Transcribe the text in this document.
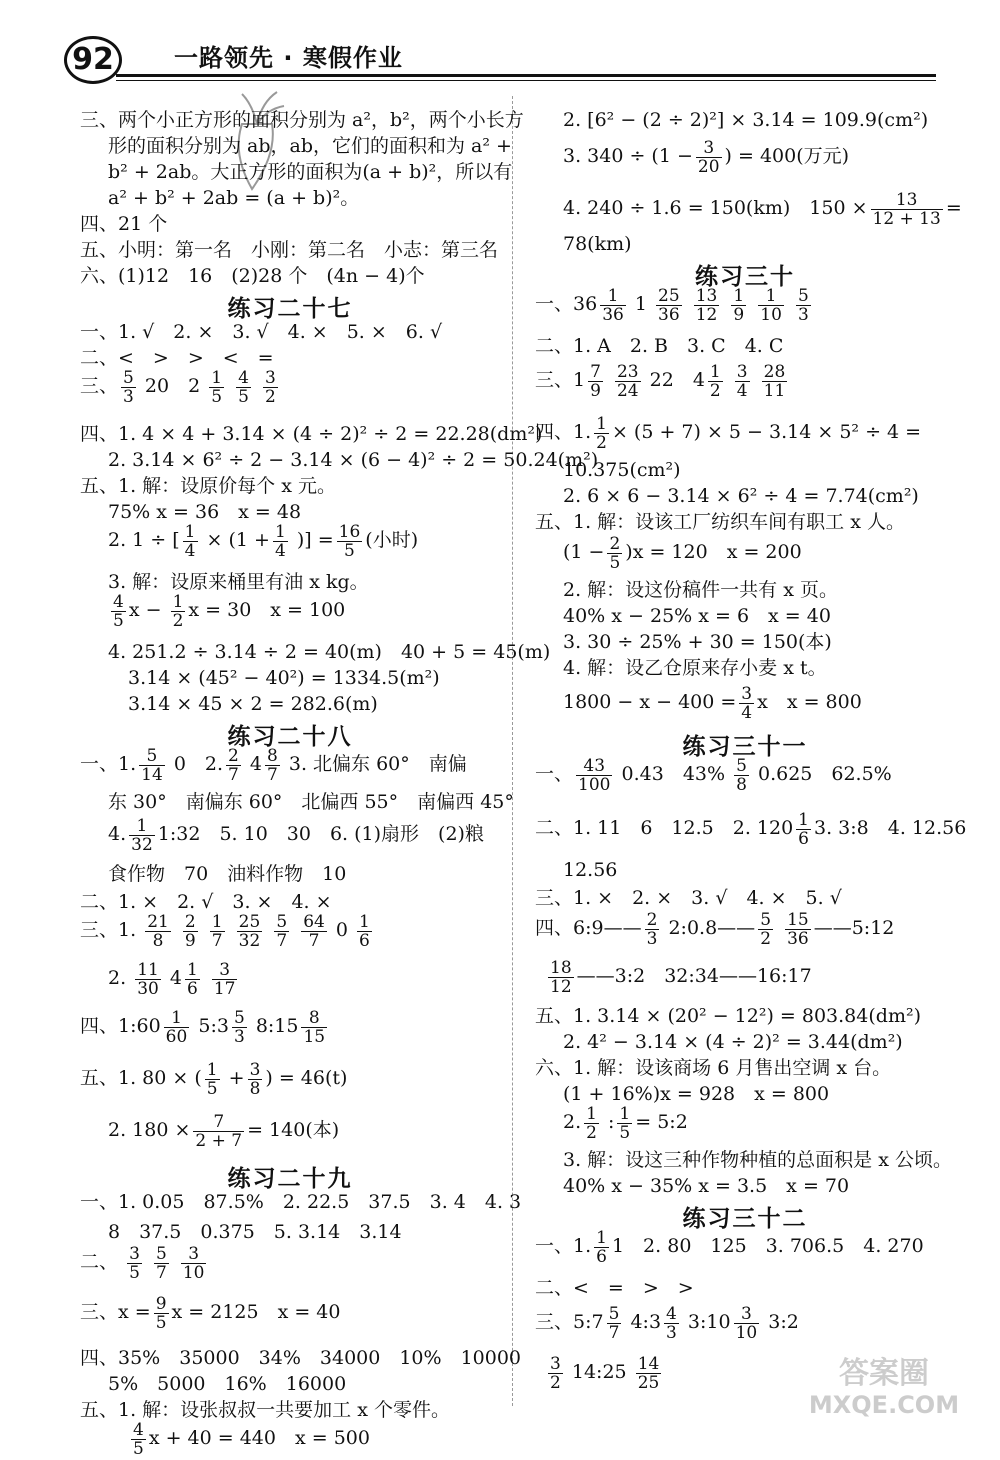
92	一路领先 · 寒假作业
三、两个小正方形的面积分别为 a²，b²，两个小长方
形的面积分别为 ab，ab，它们的面积和为 a² +
b² + 2ab。大正方形的面积为(a + b)²，所以有
a² + b² + 2ab = (a + b)²。
四、21 个
五、小明：第一名　小刚：第二名　小志：第三名
六、(1)12　16　(2)28 个　(4n − 4)个
练习二十七
一、1. √　2. ×　3. √　4. ×　5. ×　6. √
二、<　>　>　<　=
三、 $\frac{5}{3} 20$　$2 \frac{1}{5}$
$\frac{4}{5}$
$\frac{3}{2}$
四、1. 4 × 4 + 3.14 × (4 ÷ 2)² ÷ 2 = 22.28(dm²)
2. 3.14 × 6² ÷ 2 − 3.14 × (6 − 4)² ÷ 2 = 50.24(m²)
五、1. 解：设原价每个 x 元。
75% x = 36　x = 48
2. 1 ÷ [ $\frac{1}{4} \times (1 + \frac{1}{4}$ )] = $\frac{16}{5}$ (小时)
3. 解：设原来桶里有油 x kg。
$\frac{4}{5}$ $x - \frac{1}{2}$ x = 30　x = 100
4. 251.2 ÷ 3.14 ÷ 2 = 40(m)　40 + 5 = 45(m)
3.14 × (45² − 40²) = 1334.5(m²)
3.14 × 45 × 2 = 282.6(m)
练习二十八
一、1. $\frac{5}{14} 0$　2. $\frac{2}{7} 4 \frac{8}{7} 3$. 北偏东 60°　南偏
东 30°　南偏东 60°　北偏西 55°　南偏西 45°
4. $\frac{1}{32}$ 1:32　5. 10　30　6. (1)扇形　(2)粮
食作物　70　油料作物　10
二、1. ×　2. √　3. ×　4. ×
三、1. $\frac{21}{8}$
$\frac{2}{9}$
$\frac{1}{7}$
$\frac{25}{32}$
$\frac{5}{7}$
$\frac{64}{7} 0 \frac{1}{6}$
2. $\frac{11}{30} 4 \frac{1}{6}$
$\frac{3}{17}$
四、1:60 $\frac{1}{60}$ 5:3 $\frac{5}{3}$ 8:15 $\frac{8}{15}$
五、1. 80 × ( $\frac{1}{5} + \frac{3}{8}$ ) = 46(t)
2. $180 \times \frac{7}{2 + 7} = 140$(本)
练习二十九
一、1. 0.05　87.5%　2. 22.5　37.5　3. 4　4. 3
8　37.5　0.375　5. 3.14　3.14
二、 $\frac{3}{5}$
$\frac{5}{7}$
$\frac{3}{10}$
三、$x = \frac{9}{5}$ x = 2125　x = 40
四、35%　35000　34%　34000　10%　10000
5%　5000　16%　16000
五、1. 解：设张叔叔一共要加工 x 个零件。
$\frac{4}{5}$ x + 40 = 440　x = 500
2. [6² − (2 ÷ 2)²] × 3.14 = 109.9(cm²)
3. $340 \div (1 - \frac{3}{20}$ ) = 400(万元)
4. 240 ÷ 1.6 = 150(km)　$150 \times \frac{13}{12 + 13}$ =
78(km)
练习三十
一、$36 \frac{1}{36} 1 \frac{25}{36}$
$\frac{13}{12}$
$\frac{1}{9}$
$\frac{1}{10}$
$\frac{5}{3}$
二、1. A　2. B　3. C　4. C
三、$1 \frac{7}{9}$
$\frac{23}{24} 22$　$4 \frac{1}{2}$
$\frac{3}{4}$
$\frac{28}{11}$
四、1. $\frac{1}{2} \times (5 + 7) \times 5 - 3.14 \times 5^2 \div 4$ =
10.375(cm²)
2. 6 × 6 − 3.14 × 6² ÷ 4 = 7.74(cm²)
五、1. 解：设该工厂纺织车间有职工 x 人。
$(1 - \frac{2}{5} )x = 120$　x = 200
2. 解：设这份稿件一共有 x 页。
40% x − 25% x = 6　x = 40
3. 30 ÷ 25% + 30 = 150(本)
4. 解：设乙仓原来存小麦 x t。
$1800 - x - 400 = \frac{3}{4}$ x　x = 800
练习三十一
一、 $\frac{43}{100} 0.43$　$43\% \frac{5}{8} 0.625$　62.5%
二、1. 11　6　12.5　2. $120 \frac{1}{6} 3$. 3:8　4. 12.56
12.56
三、1. ×　2. ×　3. √　4. ×　5. √
四、6:9—— $\frac{2}{3}$ 2:0.8—— $\frac{5}{2}$
$\frac{15}{36}$ ——5:12
$\frac{18}{12}$ ——3:2　32:34——16:17
五、1. 3.14 × (20² − 12²) = 803.84(dm²)
2. 4² − 3.14 × (4 ÷ 2)² = 3.44(dm²)
六、1. 解：设该商场 6 月售出空调 x 台。
(1 + 16%)x = 928　x = 800
2. $\frac{1}{2}$ : $\frac{1}{5}$ = 5:2
3. 解：设这三种作物种植的总面积是 x 公顷。
40% x − 35% x = 3.5　x = 70
练习三十二
一、1. $\frac{1}{6} 1$　2. 80　125　3. 706.5　4. 270
二、<　=　>　>
三、5:7 $\frac{5}{7}$ 4:3 $\frac{4}{3}$ 3:10 $\frac{3}{10}$ 3:2
$\frac{3}{2}$ 14:25 $\frac{14}{25}$	答案圈
MXQE.COM
